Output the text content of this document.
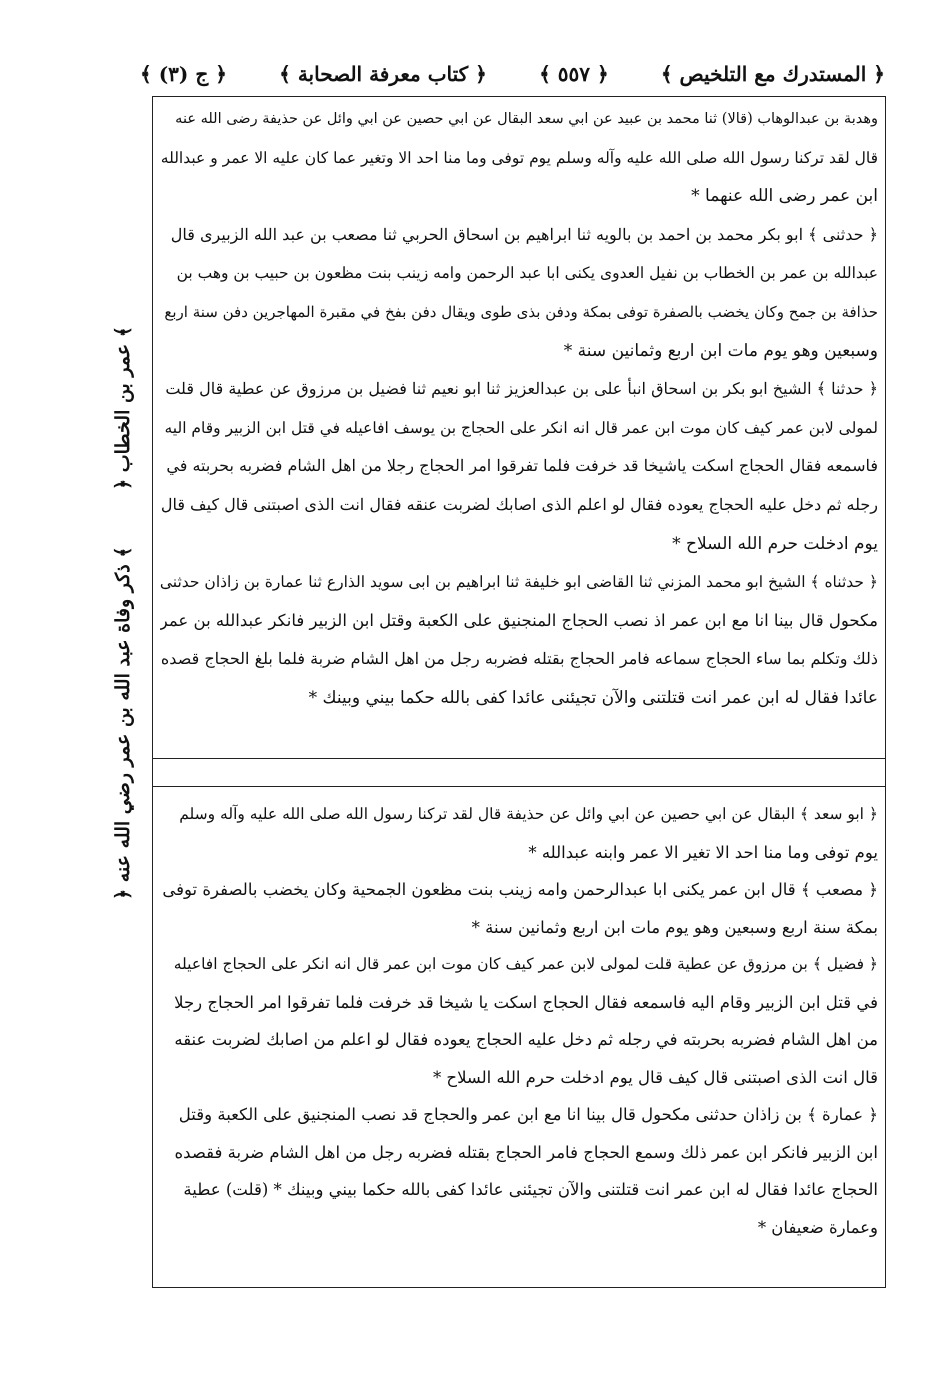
﴿ المستدرك مع التلخيص ﴾
﴿ ٥٥٧ ﴾
﴿ كتاب معرفة الصحابة ﴾
﴿ ج (٣) ﴾
وهدبة بن عبدالوهاب (قالا) ثنا محمد بن عبيد عن ابي سعد البقال عن ابي حصين عن ابي وائل عن حذيفة رضى الله عنه
قال لقد تركنا رسول الله صلى الله عليه وآله وسلم يوم توفى وما منا احد الا وتغير عما كان عليه الا عمر و عبدالله
ابن عمر رضى الله عنهما *
﴿ حدثنى ﴾ ابو بكر محمد بن احمد بن بالويه ثنا ابراهيم بن اسحاق الحربي ثنا مصعب بن عبد الله الزبيرى قال
عبدالله بن عمر بن الخطاب بن نفيل العدوى يكنى ابا عبد الرحمن وامه زينب بنت مظعون بن حبيب بن وهب بن
حذافة بن جمح وكان يخضب بالصفرة توفى بمكة ودفن بذى طوى ويقال دفن بفخ في مقبرة المهاجرين دفن سنة اربع
وسبعين وهو يوم مات ابن اربع وثمانين سنة *
﴿ حدثنا ﴾ الشيخ ابو بكر بن اسحاق انبأ على بن عبدالعزيز ثنا ابو نعيم ثنا فضيل بن مرزوق عن عطية قال قلت
لمولى لابن عمر كيف كان موت ابن عمر قال انه انكر على الحجاج بن يوسف افاعيله في قتل ابن الزبير وقام اليه
فاسمعه فقال الحجاج اسكت ياشيخا قد خرفت فلما تفرقوا امر الحجاج رجلا من اهل الشام فضربه بحربته في
رجله ثم دخل عليه الحجاج يعوده فقال لو اعلم الذى اصابك لضربت عنقه فقال انت الذى اصبتنى قال كيف قال
يوم ادخلت حرم الله السلاح *
﴿ حدثناه ﴾ الشيخ ابو محمد المزني ثنا القاضى ابو خليفة ثنا ابراهيم بن ابى سويد الذارع ثنا عمارة بن زاذان حدثنى
مكحول قال بينا انا مع ابن عمر اذ نصب الحجاج المنجنيق على الكعبة وقتل ابن الزبير فانكر عبدالله بن عمر
ذلك وتكلم بما ساء الحجاج سماعه فامر الحجاج بقتله فضربه رجل من اهل الشام ضربة فلما بلغ الحجاج قصده
عائدا فقال له ابن عمر انت قتلتنى والآن تجيئنى عائدا كفى بالله حكما بيني وبينك *
﴿ ابو سعد ﴾ البقال عن ابي حصين عن ابي وائل عن حذيفة قال لقد تركنا رسول الله صلى الله عليه وآله وسلم
يوم توفى وما منا احد الا تغير الا عمر وابنه عبدالله *
﴿ مصعب ﴾ قال ابن عمر يكنى ابا عبدالرحمن وامه زينب بنت مظعون الجمحية وكان يخضب بالصفرة توفى
بمكة سنة اربع وسبعين وهو يوم مات ابن اربع وثمانين سنة *
﴿ فضيل ﴾ بن مرزوق عن عطية قلت لمولى لابن عمر كيف كان موت ابن عمر قال انه انكر على الحجاج افاعيله
في قتل ابن الزبير وقام اليه فاسمعه فقال الحجاج اسكت يا شيخا قد خرفت فلما تفرقوا امر الحجاج رجلا
من اهل الشام فضربه بحربته في رجله ثم دخل عليه الحجاج يعوده فقال لو اعلم من اصابك لضربت عنقه
قال انت الذى اصبتنى قال كيف قال يوم ادخلت حرم الله السلاح *
﴿ عمارة ﴾ بن زاذان حدثنى مكحول قال بينا انا مع ابن عمر والحجاج قد نصب المنجنيق على الكعبة وقتل
ابن الزبير فانكر ابن عمر ذلك وسمع الحجاج فامر الحجاج بقتله فضربه رجل من اهل الشام ضربة فقصده
الحجاج عائدا فقال له ابن عمر انت قتلتنى والآن تجيئنى عائدا كفى بالله حكما بيني وبينك * (قلت) عطية
وعمارة ضعيفان *
﴿ عمر بن الخطاب ﴾
﴿ ذكر وفاة عبد الله بن عمر رضي الله عنه ﴾
